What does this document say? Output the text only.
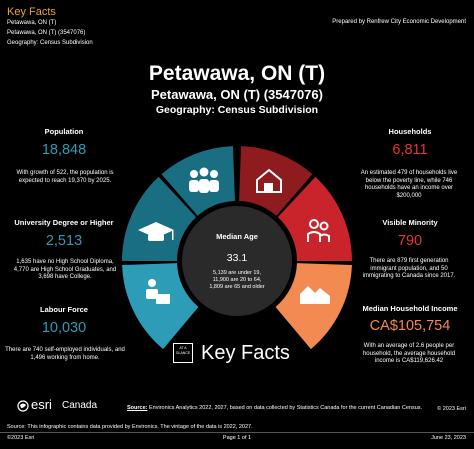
Key Facts
Petawawa, ON (T)
Petawawa, ON (T) (3547076)
Geography: Census Subdivision
Prepared by Renfrew City Economic Development
Petawawa, ON (T)
Petawawa, ON (T) (3547076)
Geography: Census Subdivision
Population
18,848
With growth of 522, the population is
expected to reach 19,370 by 2025.
University Degree or Higher
2,513
1,635 have no High School Diploma,
4,770 are High School Graduates, and
3,698 have College.
Labour Force
10,030
There are 740 self-employed individuals, and
1,496 working from home.
Households
6,811
An estimated 479 of households live
below the poverty line, while 746
households have an income over
$200,000
Visible Minority
790
There are 879 first generation
immigrant population, and 50
immigrating to Canada since 2017.
Median Household Income
CA$105,754
With an average of 2.6 people per
household, the average household
income is CA$119,626.42
Median Age
33.1
5,139 are under 19,
11,900 are 20 to 64,
1,809 are 65 and older
AT A GLANCE Key Facts
esri Canada	Source: Environics Analytics 2022, 2027, based on data collected by Statistics Canada for the current Canadian Census.	© 2023 Esri
Source: This infographic contains data provided by Environics. The vintage of the data is 2022, 2027.
©2023 Esri	Page 1 of 1	June 23, 2023
